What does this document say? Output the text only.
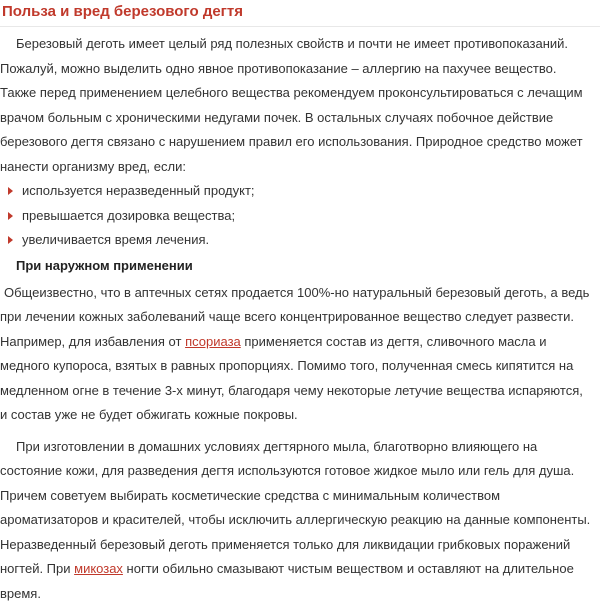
Польза и вред березового дегтя

Березовый деготь имеет целый ряд полезных свойств и почти не имеет противопоказаний. Пожалуй, можно выделить одно явное противопоказание – аллергию на пахучее вещество. Также перед применением целебного вещества рекомендуем проконсультироваться с лечащим врачом больным с хроническими недугами почек. В остальных случаях побочное действие березового дегтя связано с нарушением правил его использования. Природное средство может нанести организму вред, если:

используется неразведенный продукт;
превышается дозировка вещества;
увеличивается время лечения.
При наружном применении

Общеизвестно, что в аптечных сетях продается 100%-но натуральный березовый деготь, а ведь при лечении кожных заболеваний чаще всего концентрированное вещество следует развести. Например, для избавления от псориаза применяется состав из дегтя, сливочного масла и медного купороса, взятых в равных пропорциях. Помимо того, полученная смесь кипятится на медленном огне в течение 3-х минут, благодаря чему некоторые летучие вещества испаряются, и состав уже не будет обжигать кожные покровы.

При изготовлении в домашних условиях дегтярного мыла, благотворно влияющего на состояние кожи, для разведения дегтя используются готовое жидкое мыло или гель для душа. Причем советуем выбирать косметические средства с минимальным количеством ароматизаторов и красителей, чтобы исключить аллергическую реакцию на данные компоненты. Неразведенный березовый деготь применяется только для ликвидации грибковых поражений ногтей. При микозах ногти обильно смазывают чистым веществом и оставляют на длительное время.
